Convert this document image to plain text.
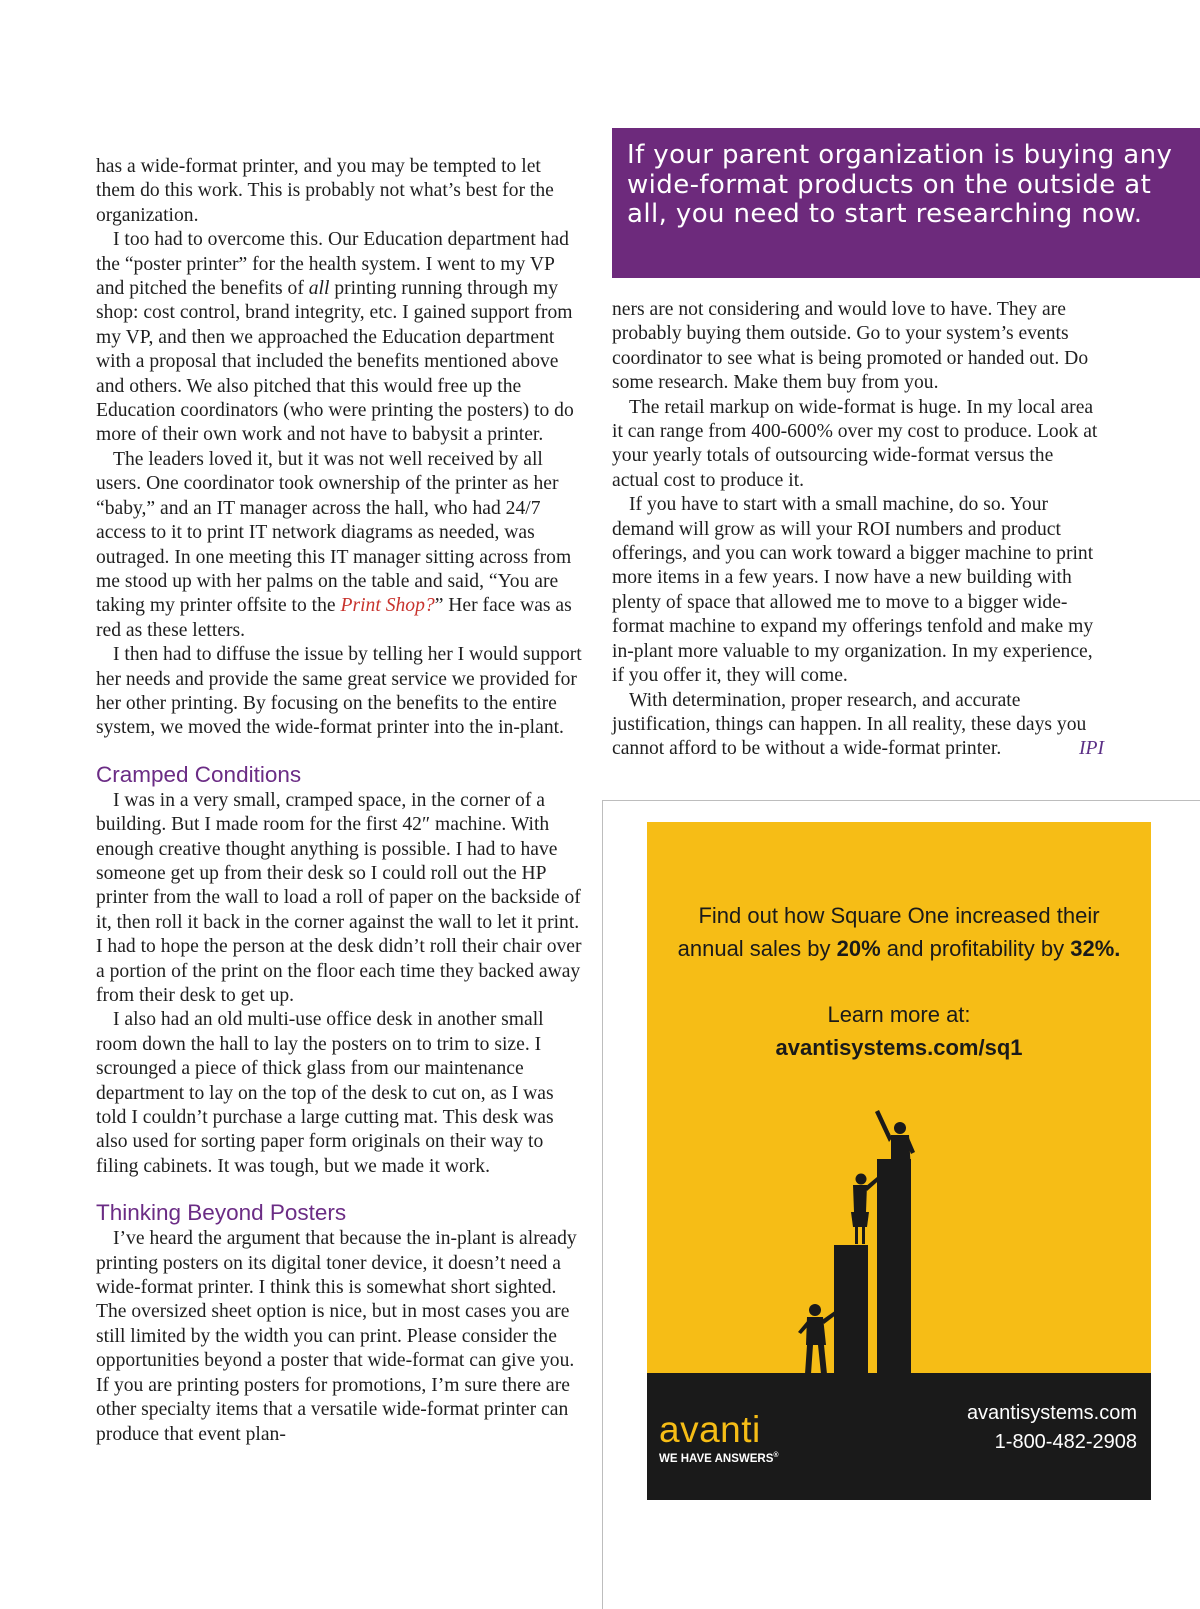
If your parent organization is buying any wide-format products on the outside at all, you need to start researching now.

has a wide-format printer, and you may be tempted to let them do this work. This is probably not what’s best for the organization.

I too had to overcome this. Our Education department had the “poster printer” for the health system. I went to my VP and pitched the benefits of all printing running through my shop: cost control, brand integrity, etc. I gained support from my VP, and then we approached the Education department with a proposal that included the benefits mentioned above and others. We also pitched that this would free up the Education coordinators (who were printing the posters) to do more of their own work and not have to babysit a printer.

The leaders loved it, but it was not well received by all users. One coordinator took ownership of the printer as her “baby,” and an IT manager across the hall, who had 24/7 access to it to print IT network diagrams as needed, was outraged. In one meeting this IT manager sitting across from me stood up with her palms on the table and said, “You are taking my printer offsite to the Print Shop?” Her face was as red as these letters.

I then had to diffuse the issue by telling her I would support her needs and provide the same great service we provided for her other printing. By focusing on the benefits to the entire system, we moved the wide-format printer into the in-plant.

Cramped Conditions

I was in a very small, cramped space, in the corner of a building. But I made room for the first 42″ machine. With enough creative thought anything is possible. I had to have someone get up from their desk so I could roll out the HP printer from the wall to load a roll of paper on the backside of it, then roll it back in the corner against the wall to let it print. I had to hope the person at the desk didn’t roll their chair over a portion of the print on the floor each time they backed away from their desk to get up.

I also had an old multi-use office desk in another small room down the hall to lay the posters on to trim to size. I scrounged a piece of thick glass from our maintenance department to lay on the top of the desk to cut on, as I was told I couldn’t purchase a large cutting mat. This desk was also used for sorting paper form originals on their way to filing cabinets. It was tough, but we made it work.

Thinking Beyond Posters

I’ve heard the argument that because the in-plant is already printing posters on its digital toner device, it doesn’t need a wide-format printer. I think this is somewhat short sighted. The oversized sheet option is nice, but in most cases you are still limited by the width you can print. Please consider the opportunities beyond a poster that wide-format can give you. If you are printing posters for promotions, I’m sure there are other specialty items that a versatile wide-format printer can produce that event plan-

ners are not considering and would love to have. They are probably buying them outside. Go to your system’s events coordinator to see what is being promoted or handed out. Do some research. Make them buy from you.

The retail markup on wide-format is huge. In my local area it can range from 400-600% over my cost to produce. Look at your yearly totals of outsourcing wide-format versus the actual cost to produce it.

If you have to start with a small machine, do so. Your demand will grow as will your ROI numbers and product offerings, and you can work toward a bigger machine to print more items in a few years. I now have a new building with plenty of space that allowed me to move to a bigger wide-format machine to expand my offerings tenfold and make my in-plant more valuable to my organization. In my experience, if you offer it, they will come.

With determination, proper research, and accurate justification, things can happen. In all reality, these days you cannot afford to be without a wide-format printer.	IPI

Find out how Square One increased their
annual sales by 20% and profitability by 32%.
Learn more at:
avantisystems.com/sq1
avanti
WE HAVE ANSWERS®
avantisystems.com
1-800-482-2908
